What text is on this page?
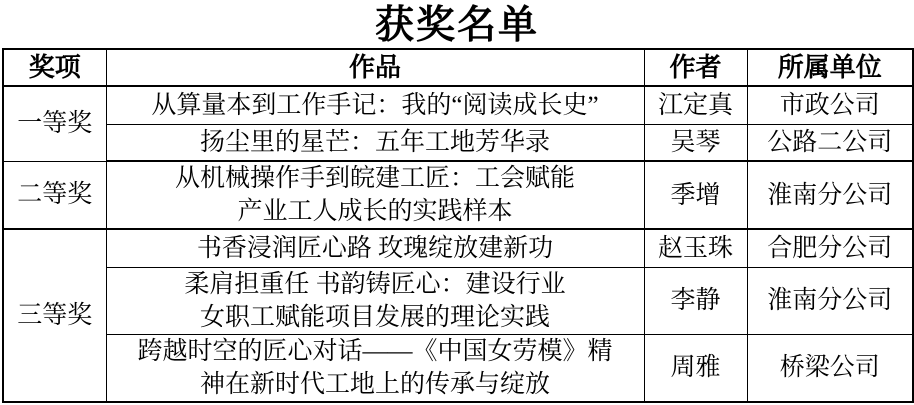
获奖名单
奖项	作品	作者	所属单位
一等奖	从算量本到工作手记：我的“阅读成长史”	江定真	市政公司

	扬尘里的星芒：五年工地芳华录	吴琴	公路二公司
二等奖	从机械操作手到皖建工匠：工会赋能
产业工人成长的实践样本	季增	淮南分公司
三等奖	书香浸润匠心路 玫瑰绽放建新功	赵玉珠	合肥分公司

	柔肩担重任 书韵铸匠心：建设行业
女职工赋能项目发展的理论实践	李静	淮南分公司

	跨越时空的匠心对话——《中国女劳模》精
神在新时代工地上的传承与绽放	周雅	桥梁公司
